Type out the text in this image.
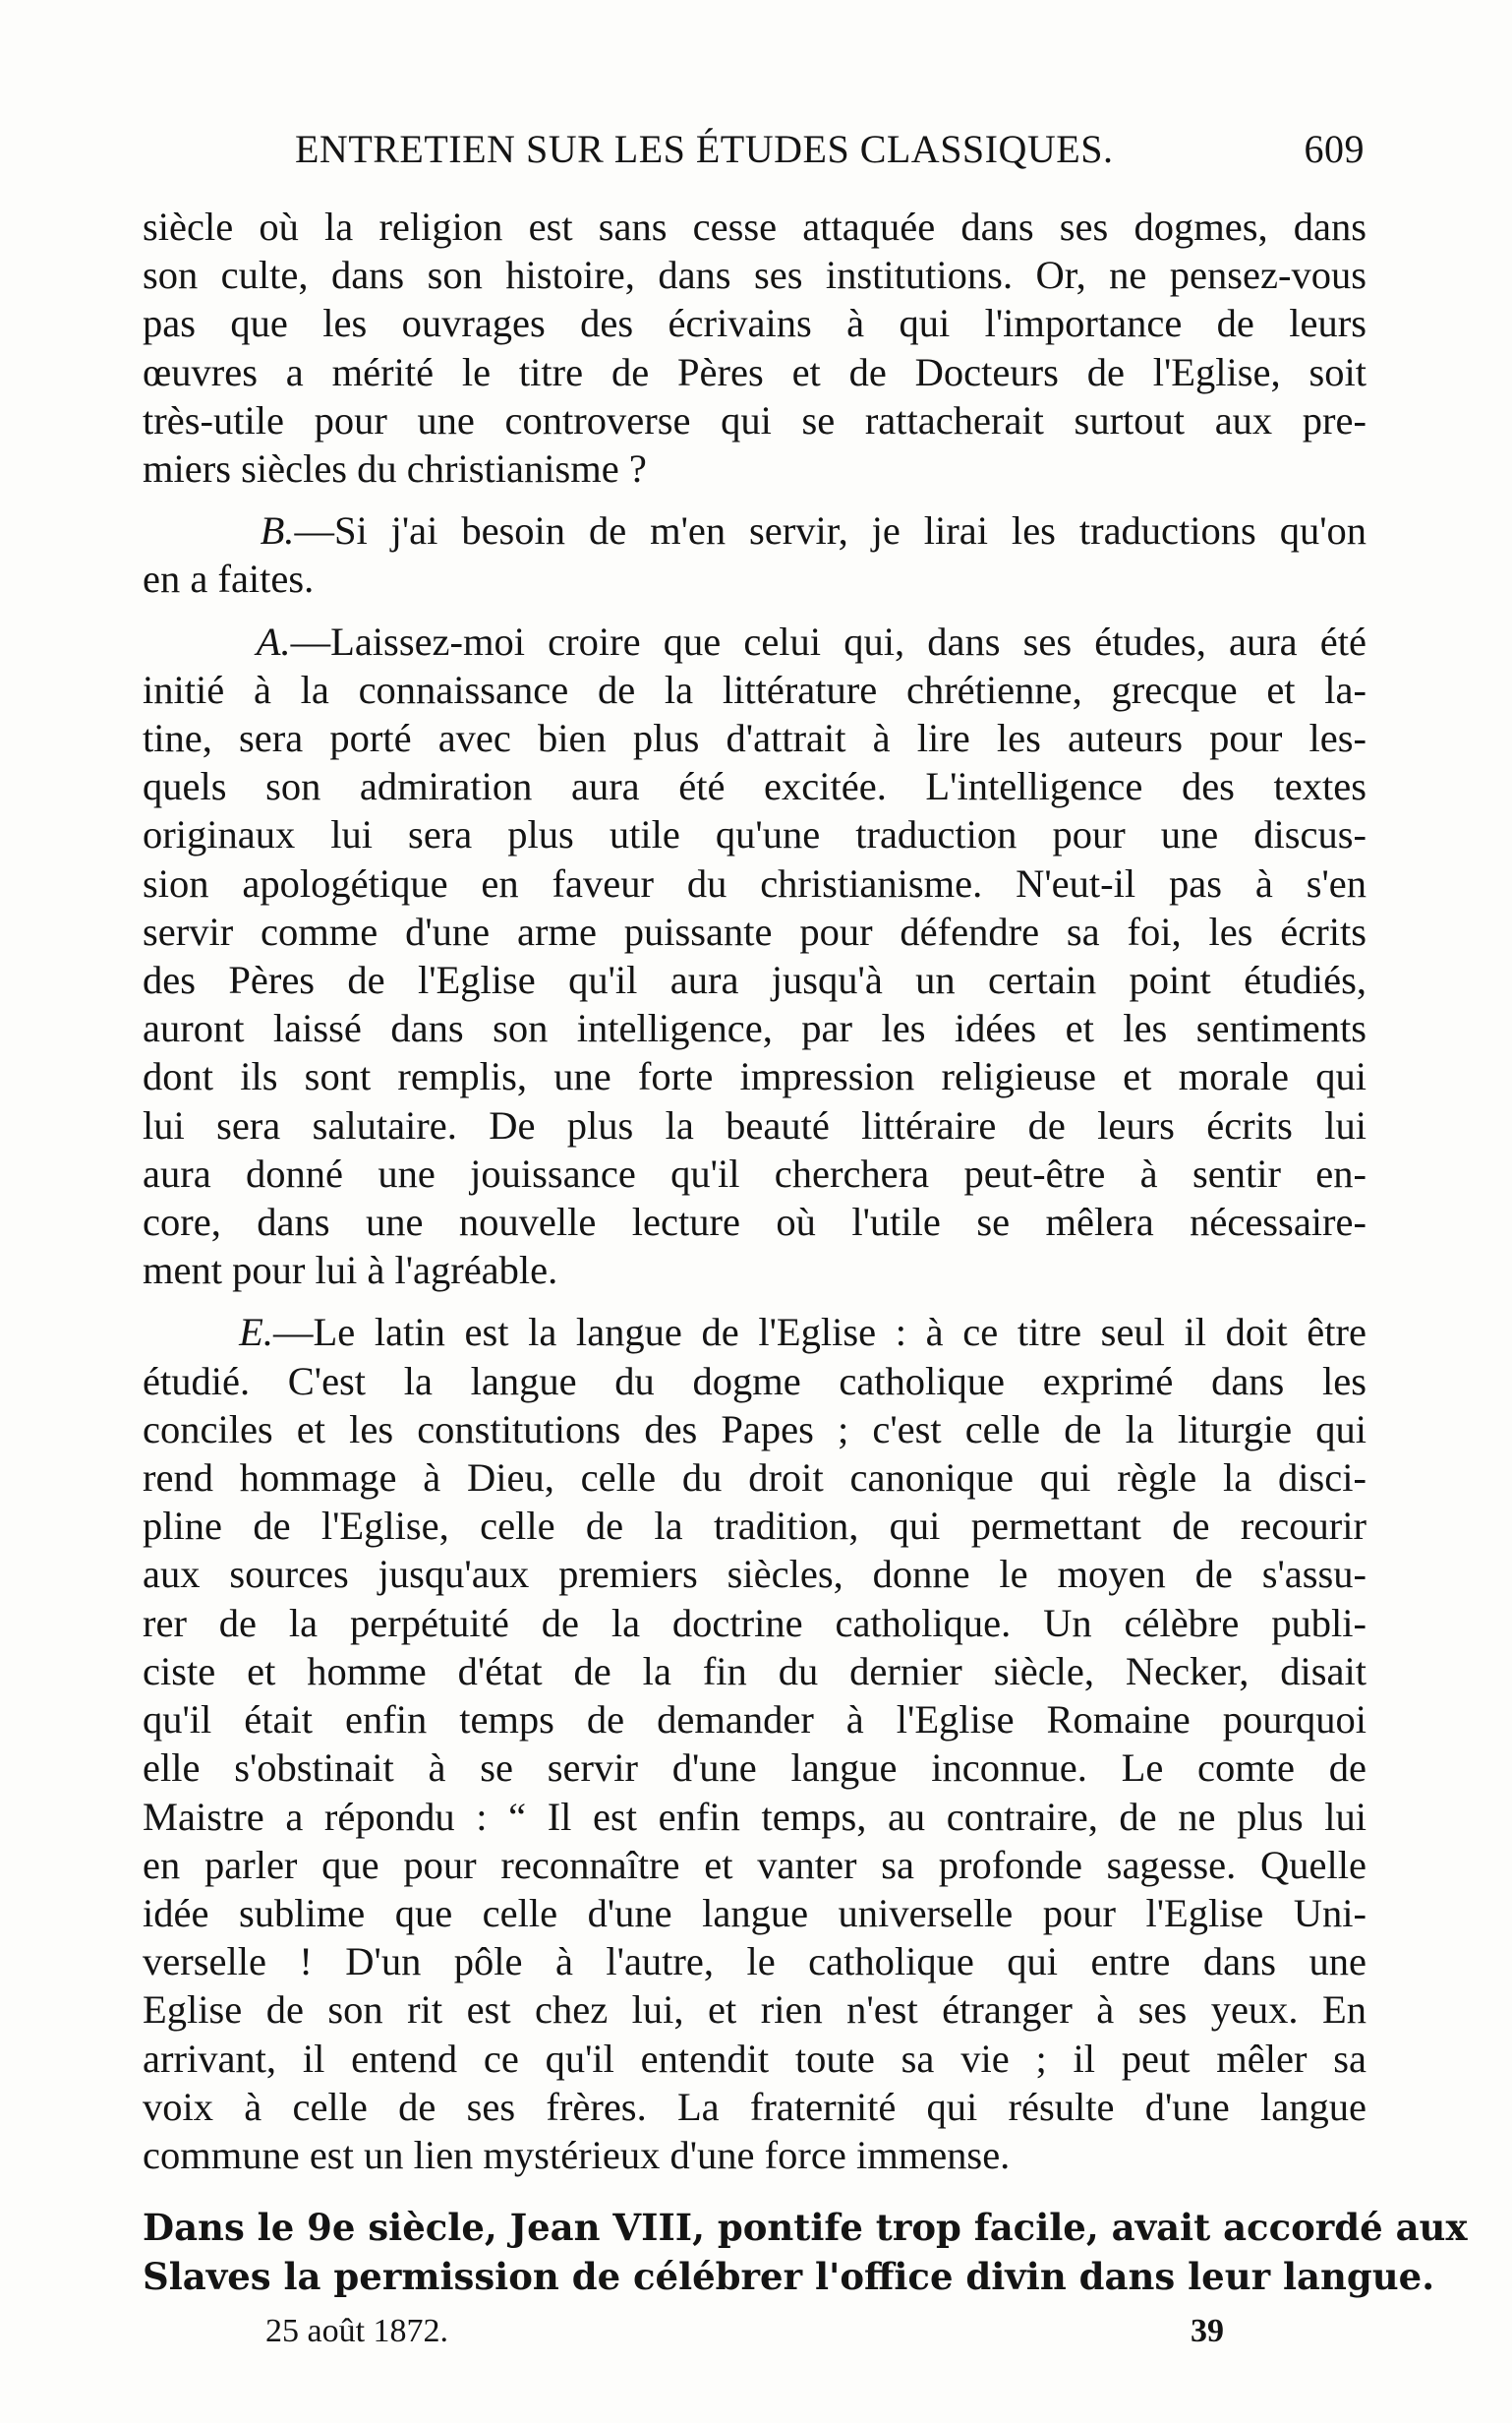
ENTRETIEN SUR LES ÉTUDES CLASSIQUES.	609

siècle où la religion est sans cesse attaquée dans ses dogmes, dans
son culte, dans son histoire, dans ses institutions. Or, ne pensez-vous
pas que les ouvrages des écrivains à qui l'importance de leurs
œuvres a mérité le titre de Pères et de Docteurs de l'Eglise, soit
très-utile pour une controverse qui se rattacherait surtout aux pre-
miers siècles du christianisme ?

B.—Si j'ai besoin de m'en servir, je lirai les traductions qu'on
en a faites.

A.—Laissez-moi croire que celui qui, dans ses études, aura été
initié à la connaissance de la littérature chrétienne, grecque et la-
tine, sera porté avec bien plus d'attrait à lire les auteurs pour les-
quels son admiration aura été excitée. L'intelligence des textes
originaux lui sera plus utile qu'une traduction pour une discus-
sion apologétique en faveur du christianisme. N'eut-il pas à s'en
servir comme d'une arme puissante pour défendre sa foi, les écrits
des Pères de l'Eglise qu'il aura jusqu'à un certain point étudiés,
auront laissé dans son intelligence, par les idées et les sentiments
dont ils sont remplis, une forte impression religieuse et morale qui
lui sera salutaire. De plus la beauté littéraire de leurs écrits lui
aura donné une jouissance qu'il cherchera peut-être à sentir en-
core, dans une nouvelle lecture où l'utile se mêlera nécessaire-
ment pour lui à l'agréable.

E.—Le latin est la langue de l'Eglise : à ce titre seul il doit être
étudié. C'est la langue du dogme catholique exprimé dans les
conciles et les constitutions des Papes ; c'est celle de la liturgie qui
rend hommage à Dieu, celle du droit canonique qui règle la disci-
pline de l'Eglise, celle de la tradition, qui permettant de recourir
aux sources jusqu'aux premiers siècles, donne le moyen de s'assu-
rer de la perpétuité de la doctrine catholique. Un célèbre publi-
ciste et homme d'état de la fin du dernier siècle, Necker, disait
qu'il était enfin temps de demander à l'Eglise Romaine pourquoi
elle s'obstinait à se servir d'une langue inconnue. Le comte de
Maistre a répondu : “ Il est enfin temps, au contraire, de ne plus lui
en parler que pour reconnaître et vanter sa profonde sagesse. Quelle
idée sublime que celle d'une langue universelle pour l'Eglise Uni-
verselle ! D'un pôle à l'autre, le catholique qui entre dans une
Eglise de son rit est chez lui, et rien n'est étranger à ses yeux. En
arrivant, il entend ce qu'il entendit toute sa vie ; il peut mêler sa
voix à celle de ses frères. La fraternité qui résulte d'une langue
commune est un lien mystérieux d'une force immense.

Dans le 9e siècle, Jean VIII, pontife trop facile, avait accordé aux
Slaves la permission de célébrer l'office divin dans leur langue.
25 août 1872.	39
